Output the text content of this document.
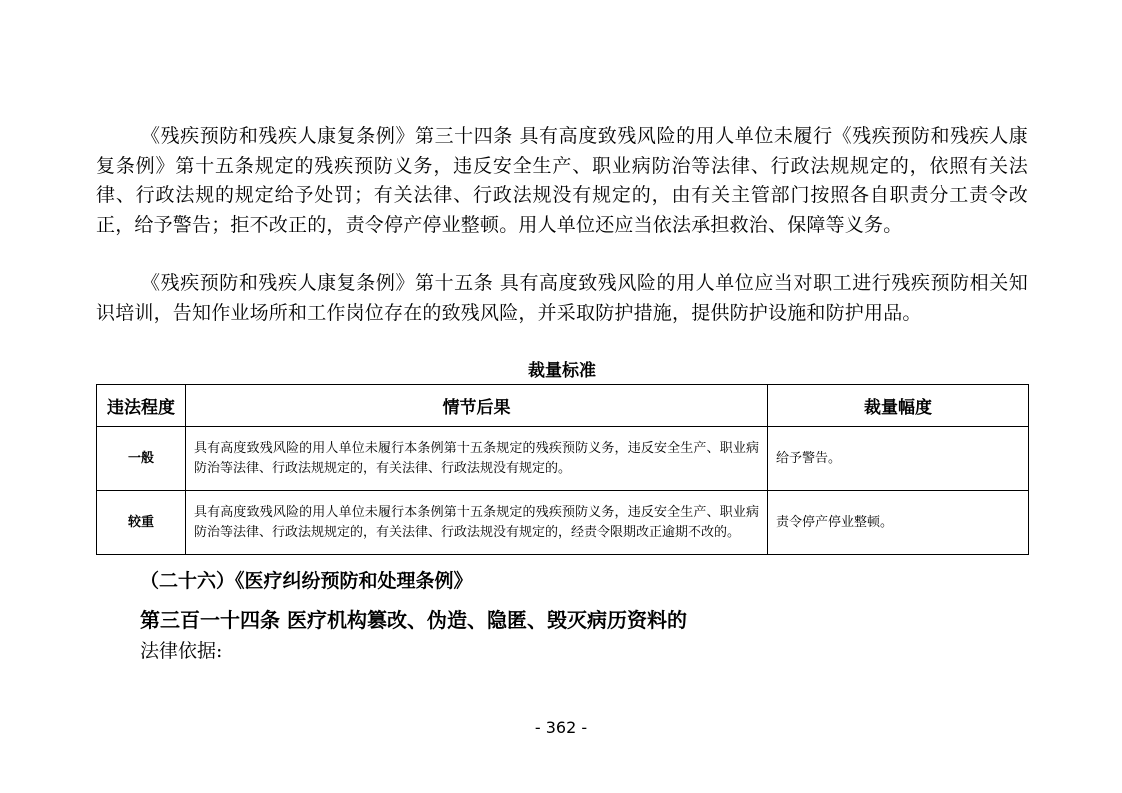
《残疾预防和残疾人康复条例》第三十四条 具有高度致残风险的用人单位未履行《残疾预防和残疾人康复条例》第十五条规定的残疾预防义务，违反安全生产、职业病防治等法律、行政法规规定的，依照有关法律、行政法规的规定给予处罚；有关法律、行政法规没有规定的，由有关主管部门按照各自职责分工责令改正，给予警告；拒不改正的，责令停产停业整顿。用人单位还应当依法承担救治、保障等义务。

《残疾预防和残疾人康复条例》第十五条 具有高度致残风险的用人单位应当对职工进行残疾预防相关知识培训，告知作业场所和工作岗位存在的致残风险，并采取防护措施，提供防护设施和防护用品。

裁量标准
违法程度	情节后果	裁量幅度
一般	具有高度致残风险的用人单位未履行本条例第十五条规定的残疾预防义务，违反安全生产、职业病防治等法律、行政法规规定的，有关法律、行政法规没有规定的。	给予警告。
较重	具有高度致残风险的用人单位未履行本条例第十五条规定的残疾预防义务，违反安全生产、职业病防治等法律、行政法规规定的，有关法律、行政法规没有规定的，经责令限期改正逾期不改的。	责令停产停业整顿。

（二十六）《医疗纠纷预防和处理条例》

第三百一十四条 医疗机构篡改、伪造、隐匿、毁灭病历资料的

法律依据:

- 362 -
